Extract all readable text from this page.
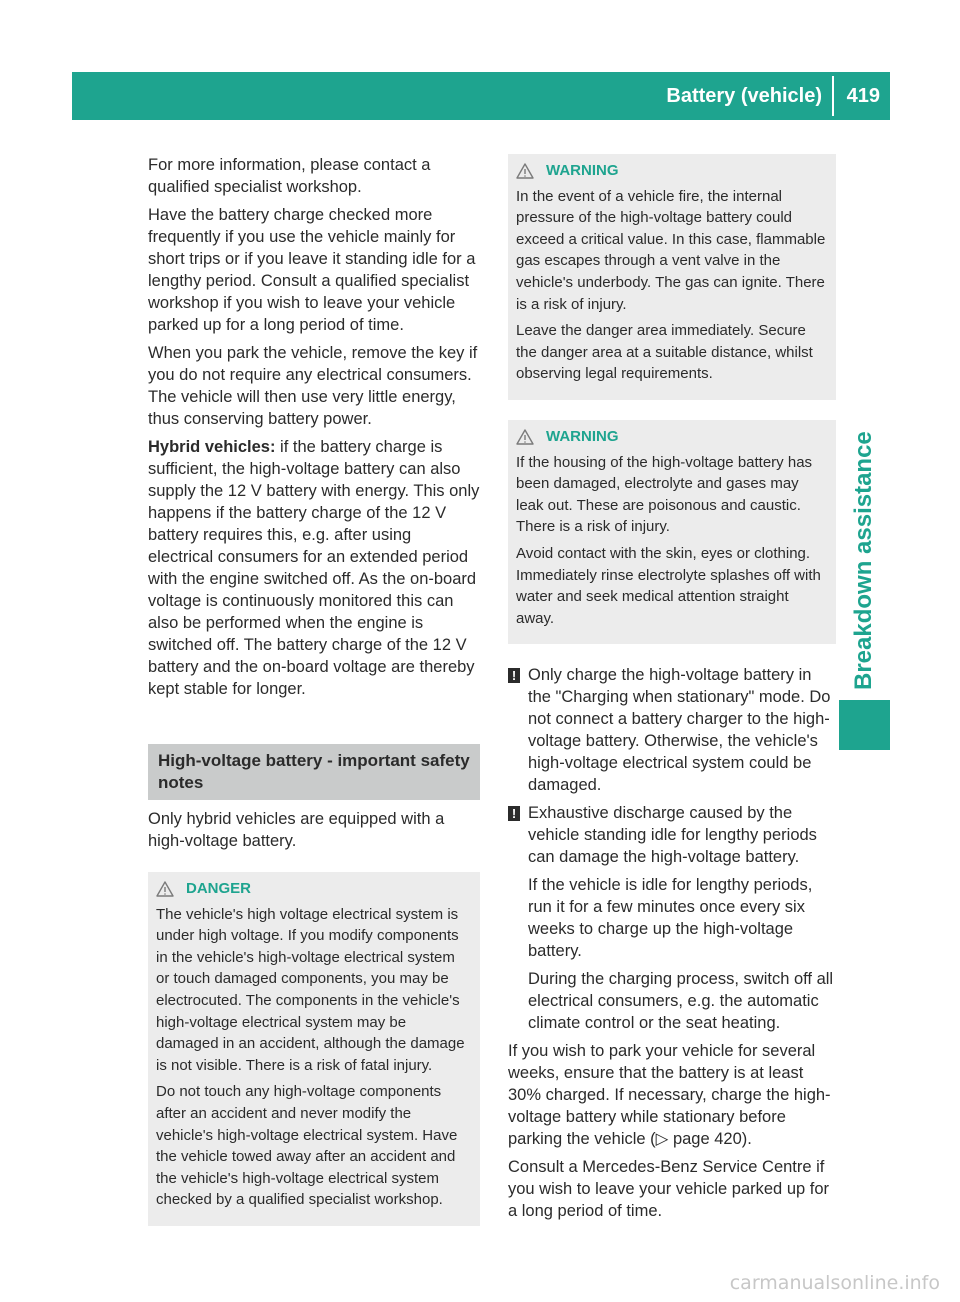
Battery (vehicle) 419
Breakdown assistance

For more information, please contact a qualified specialist workshop.

Have the battery charge checked more frequently if you use the vehicle mainly for short trips or if you leave it standing idle for a lengthy period. Consult a qualified specialist workshop if you wish to leave your vehicle parked up for a long period of time.

When you park the vehicle, remove the key if you do not require any electrical consumers. The vehicle will then use very little energy, thus conserving battery power.

Hybrid vehicles: if the battery charge is sufficient, the high-voltage battery can also supply the 12 V battery with energy. This only happens if the battery charge of the 12 V battery requires this, e.g. after using electrical consumers for an extended period with the engine switched off. As the on-board voltage is continuously monitored this can also be performed when the engine is switched off. The battery charge of the 12 V battery and the on-board voltage are thereby kept stable for longer.

High-voltage battery - important safety notes

Only hybrid vehicles are equipped with a high-voltage battery.

DANGER

The vehicle's high voltage electrical system is under high voltage. If you modify components in the vehicle's high-voltage electrical system or touch damaged components, you may be electrocuted. The components in the vehicle's high-voltage electrical system may be damaged in an accident, although the damage is not visible. There is a risk of fatal injury.

Do not touch any high-voltage components after an accident and never modify the vehicle's high-voltage electrical system. Have the vehicle towed away after an accident and the vehicle's high-voltage electrical system checked by a qualified specialist workshop.

WARNING

In the event of a vehicle fire, the internal pressure of the high-voltage battery could exceed a critical value. In this case, flammable gas escapes through a vent valve in the vehicle's underbody. The gas can ignite. There is a risk of injury.

Leave the danger area immediately. Secure the danger area at a suitable distance, whilst observing legal requirements.

WARNING

If the housing of the high-voltage battery has been damaged, electrolyte and gases may leak out. These are poisonous and caustic. There is a risk of injury.

Avoid contact with the skin, eyes or clothing. Immediately rinse electrolyte splashes off with water and seek medical attention straight away.

! Only charge the high-voltage battery in the "Charging when stationary" mode. Do not connect a battery charger to the high-voltage battery. Otherwise, the vehicle's high-voltage electrical system could be damaged.

! Exhaustive discharge caused by the vehicle standing idle for lengthy periods can damage the high-voltage battery.

If the vehicle is idle for lengthy periods, run it for a few minutes once every six weeks to charge up the high-voltage battery.

During the charging process, switch off all electrical consumers, e.g. the automatic climate control or the seat heating.

If you wish to park your vehicle for several weeks, ensure that the battery is at least 30% charged. If necessary, charge the high-voltage battery while stationary before parking the vehicle (▷ page 420).

Consult a Mercedes-Benz Service Centre if you wish to leave your vehicle parked up for a long period of time.

carmanualsonline.info
